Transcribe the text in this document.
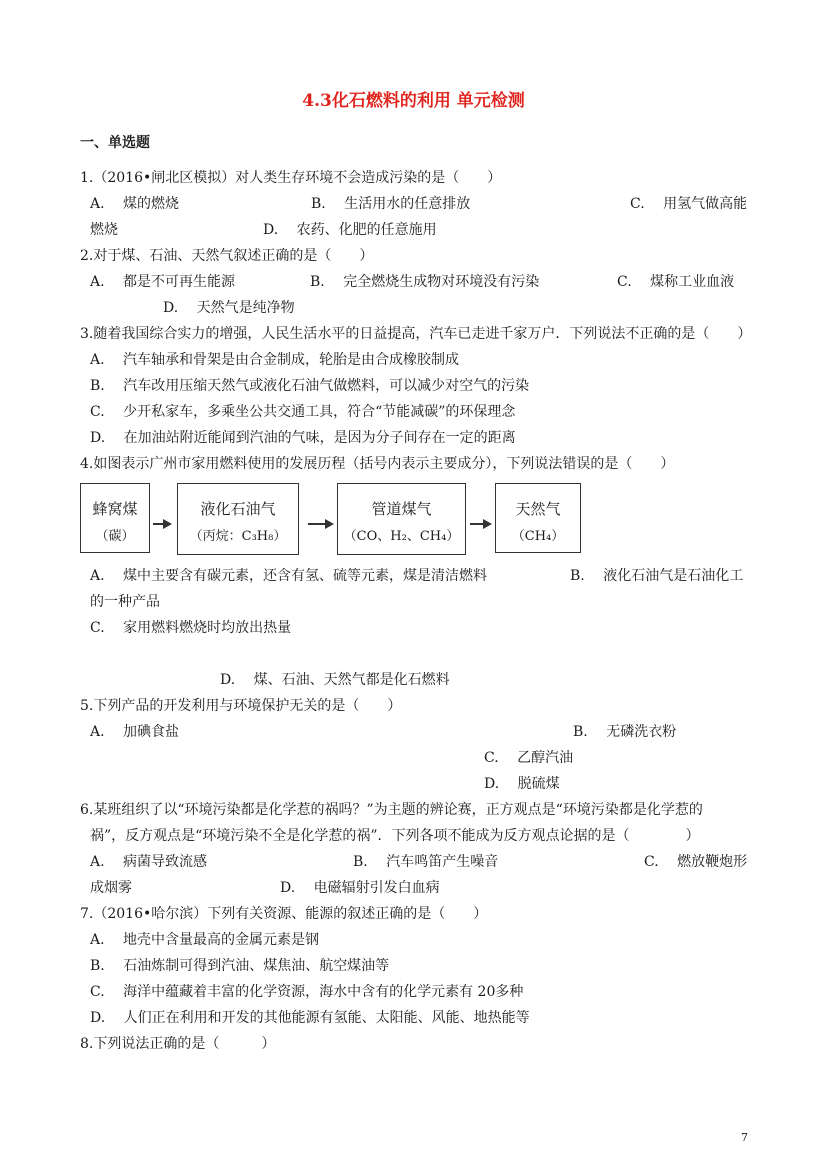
4.3化石燃料的利用 单元检测
一、单选题
1.（2016•闸北区模拟）对人类生存环境不会造成污染的是（　　）
A.　 煤的燃烧	B.　 生活用水的任意排放	C.　 用氢气做高能
燃烧	D.　 农药、化肥的任意施用
2.对于煤、石油、天然气叙述正确的是（　　）
A.　 都是不可再生能源	B.　 完全燃烧生成物对环境没有污染	C.　 煤称工业血液
D.　 天然气是纯净物
3.随着我国综合实力的增强，人民生活水平的日益提高，汽车已走进千家万户．下列说法不正确的是（　　）
A.　 汽车轴承和骨架是由合金制成，轮胎是由合成橡胶制成
B.　 汽车改用压缩天然气或液化石油气做燃料，可以减少对空气的污染
C.　 少开私家车，多乘坐公共交通工具，符合“节能减碳”的环保理念
D.　 在加油站附近能闻到汽油的气味，是因为分子间存在一定的距离
4.如图表示广州市家用燃料使用的发展历程（括号内表示主要成分），下列说法错误的是（　　）
蜂窝煤
（碳）
液化石油气
（丙烷：C₃H₈）
管道煤气
（CO、H₂、CH₄）
天然气
（CH₄）
A.　 煤中主要含有碳元素，还含有氢、硫等元素，煤是清洁燃料	B.　 液化石油气是石油化工
的一种产品
C.　 家用燃料燃烧时均放出热量
D.　 煤、石油、天然气都是化石燃料
5.下列产品的开发利用与环境保护无关的是（　　）
A.　 加碘食盐	B.　 无磷洗衣粉
C.　 乙醇汽油
D.　 脱硫煤
6.某班组织了以“环境污染都是化学惹的祸吗？”为主题的辨论赛，正方观点是“环境污染都是化学惹的
祸”，反方观点是“环境污染不全是化学惹的祸”．下列各项不能成为反方观点论据的是（　　　　）
A.　 病菌导致流感	B.　 汽车鸣笛产生噪音	C.　 燃放鞭炮形
成烟雾	D.　 电磁辐射引发白血病
7.（2016•哈尔滨）下列有关资源、能源的叙述正确的是（　　）
A.　 地壳中含量最高的金属元素是钢
B.　 石油炼制可得到汽油、煤焦油、航空煤油等
C.　 海洋中蕴藏着丰富的化学资源，海水中含有的化学元素有 20多种
D.　 人们正在利用和开发的其他能源有氢能、太阳能、风能、地热能等
8.下列说法正确的是（　　　）
7
